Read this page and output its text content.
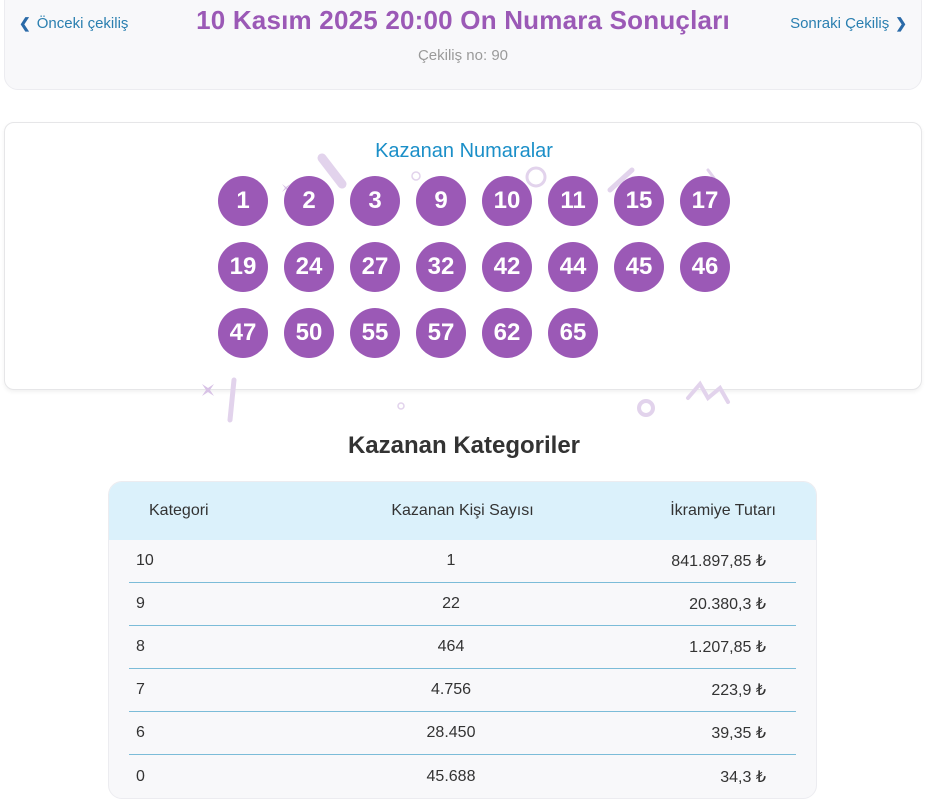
❮ Önceki çekiliş	10 Kasım 2025 20:00 On Numara Sonuçları
Çekiliş no: 90
Sonraki Çekiliş ❯
Kazanan Numaralar
1	2	3	9	10	11	15	17
19	24	27	32	42	44	45	46
47	50	55	57	62	65
Kazanan Kategoriler
Kategori	Kazanan Kişi Sayısı	İkramiye Tutarı
10	1	841.897,85 ₺
9	22	20.380,3 ₺
8	464	1.207,85 ₺
7	4.756	223,9 ₺
6	28.450	39,35 ₺
0	45.688	34,3 ₺
